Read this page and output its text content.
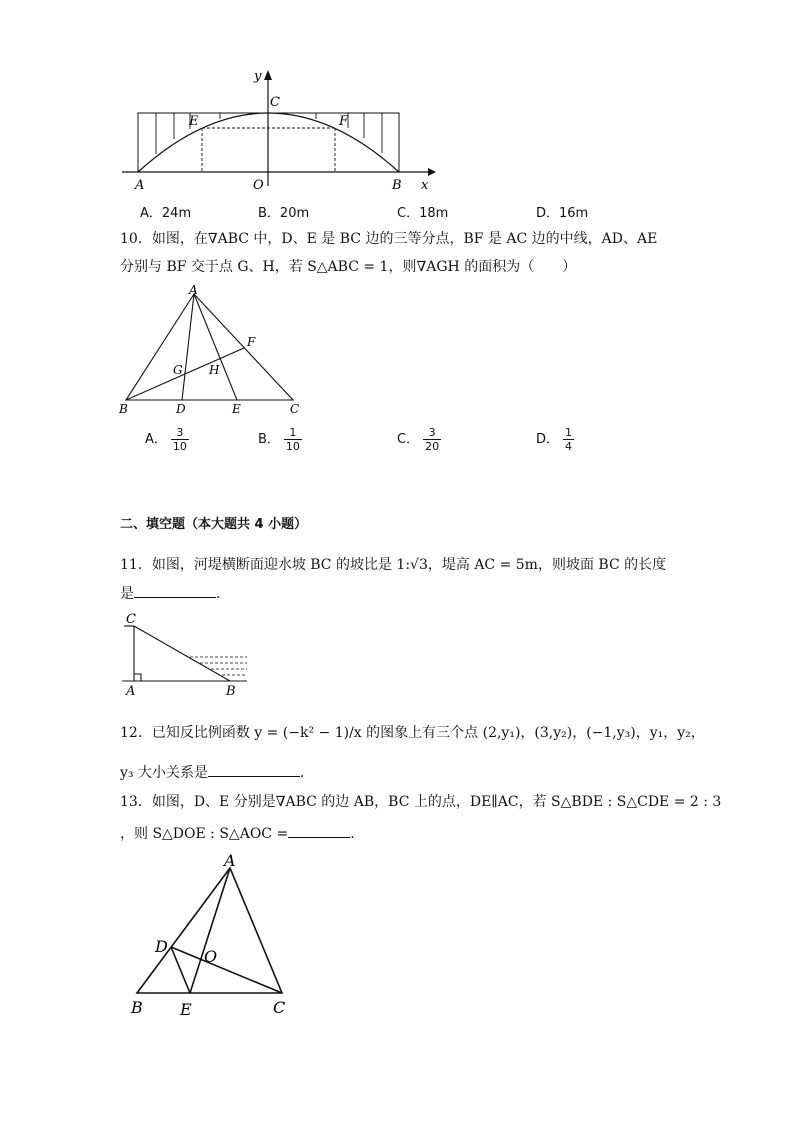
y
C
E	F
A	O	B x
A．24m	B．20m	C．18m	D．16m
10．如图，在∇ABC 中，D、E 是 BC 边的三等分点，BF 是 AC 边的中线，AD、AE
分别与 BF 交于点 G、H，若 S△ABC = 1，则∇AGH 的面积为（　　）
A
F
G H
B	D	E	C
A． $\frac{3}{10}$	B． $\frac{1}{10}$	C． $\frac{3}{20}$	D． $\frac{1}{4}$
二、填空题（本大题共 4 小题）
11．如图，河堤横断面迎水坡 BC 的坡比是 1:√3，堤高 AC = 5m，则坡面 BC 的长度
是	．
C
A	B
12．已知反比例函数 y = (−k² − 1)/x 的图象上有三个点 (2,y₁)，(3,y₂)，(−1,y₃)，y₁，y₂，
y₃ 大小关系是	．
13．如图，D、E 分别是∇ABC 的边 AB，BC 上的点，DE∥AC，若 S△BDE : S△CDE = 2 : 3
，则 S△DOE : S△AOC =	．
A
D
O
B E	C
